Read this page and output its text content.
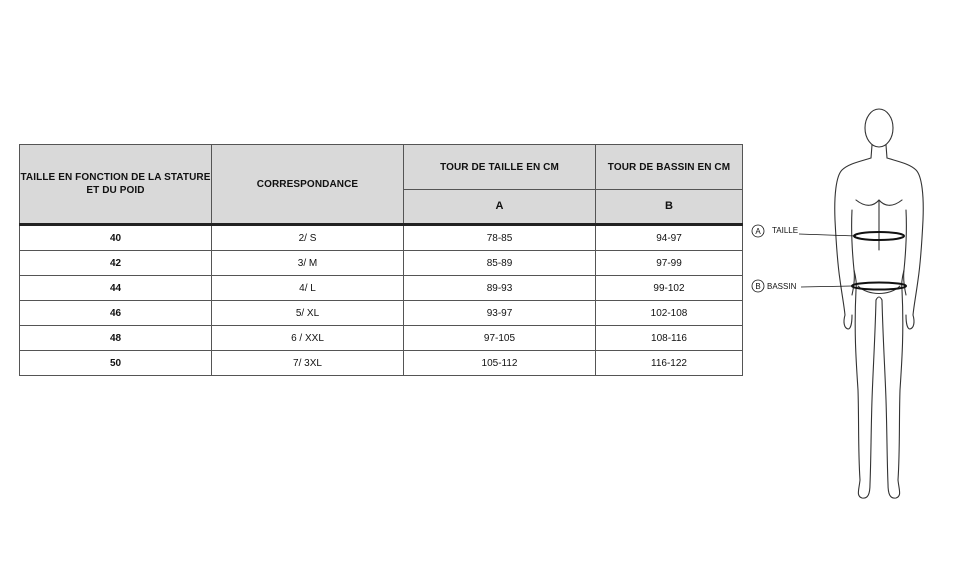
TAILLE EN FONCTION DE LA STATURE ET DU POID	CORRESPONDANCE	TOUR DE TAILLE EN CM	TOUR DE BASSIN EN CM
		A	B
40	2/ S	78-85	94-97
42	3/ M	85-89	97-99
44	4/ L	89-93	99-102
46	5/ XL	93-97	102-108
48	6 / XXL	97-105	108-116
50	7/ 3XL	105-112	116-122
A TAILLE
B BASSIN
